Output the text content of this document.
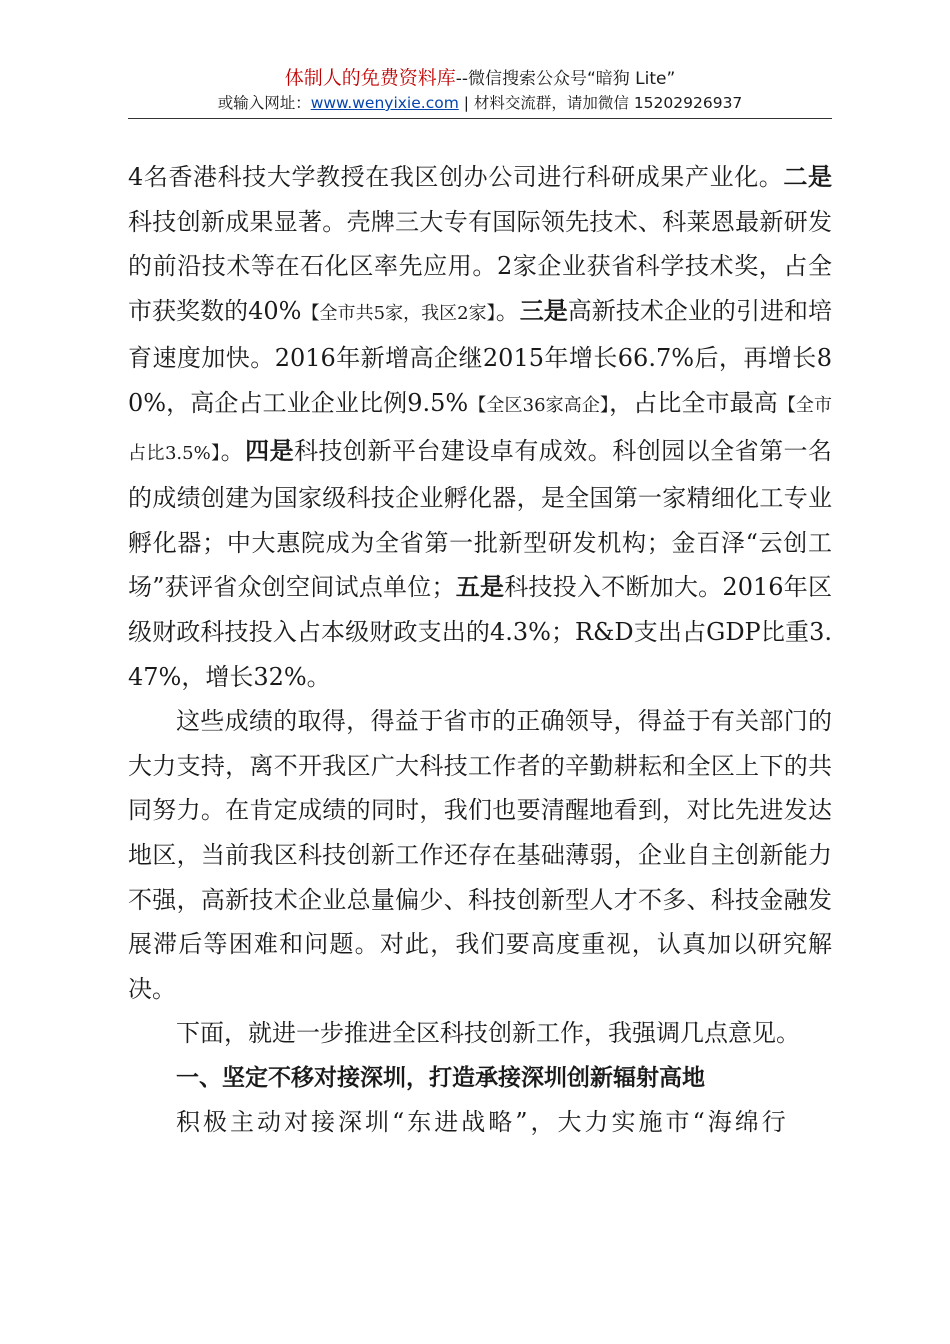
体制人的免费资料库--微信搜索公众号“暗狗 Lite”
或输入网址：www.wenyixie.com | 材料交流群，请加微信 15202926937

4名香港科技大学教授在我区创办公司进行科研成果产业化。二是科技创新成果显著。壳牌三大专有国际领先技术、科莱恩最新研发的前沿技术等在石化区率先应用。2家企业获省科学技术奖，占全市获奖数的40%【全市共5家，我区2家】。三是高新技术企业的引进和培育速度加快。2016年新增高企继2015年增长66.7%后，再增长80%，高企占工业企业比例9.5%【全区36家高企】，占比全市最高【全市占比3.5%】。四是科技创新平台建设卓有成效。科创园以全省第一名的成绩创建为国家级科技企业孵化器，是全国第一家精细化工专业孵化器；中大惠院成为全省第一批新型研发机构；金百泽“云创工场”获评省众创空间试点单位；五是科技投入不断加大。2016年区级财政科技投入占本级财政支出的4.3%；R&D支出占GDP比重3.47%，增长32%。

这些成绩的取得，得益于省市的正确领导，得益于有关部门的大力支持，离不开我区广大科技工作者的辛勤耕耘和全区上下的共同努力。在肯定成绩的同时，我们也要清醒地看到，对比先进发达地区，当前我区科技创新工作还存在基础薄弱，企业自主创新能力不强，高新技术企业总量偏少、科技创新型人才不多、科技金融发展滞后等困难和问题。对此，我们要高度重视，认真加以研究解决。

下面，就进一步推进全区科技创新工作，我强调几点意见。

一、坚定不移对接深圳，打造承接深圳创新辐射高地

积极主动对接深圳“东进战略”，大力实施市“海绵行
